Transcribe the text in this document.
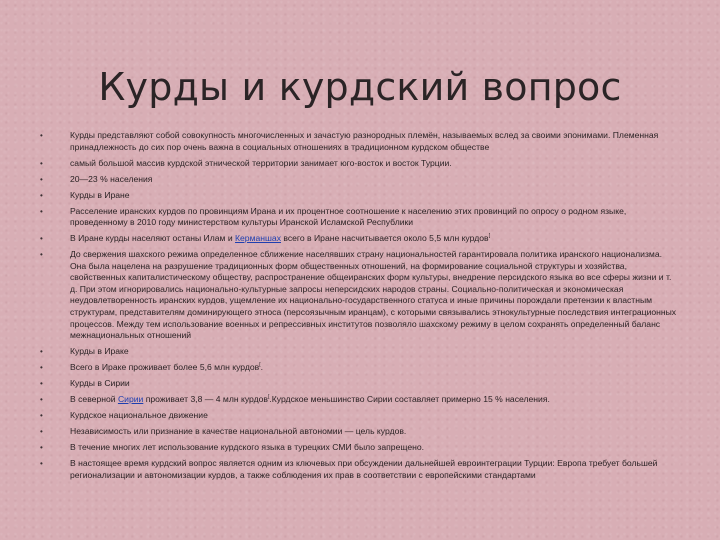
Курды и курдский вопрос
• Курды представляют собой совокупность многочисленных и зачастую разнородных племён, называемых вслед за своими эпонимами. Племенная принадлежность до сих пор очень важна в социальных отношениях в традиционном курдском обществе
• самый большой массив курдской этнической территории занимает юго-восток и восток Турции.
• 20—23 % населения
• Курды в Иране
• Расселение иранских курдов по провинциям Ирана и их процентное соотношение к населению этих провинций по опросу о родном языке, проведенному в 2010 году министерством культуры Иранской Исламской Республики
• В Иране курды населяют останы Илам и Керманшах всего в Иране насчитывается около 5,5 млн курдов[
• До свержения шахского режима определенное сближение населявших страну национальностей гарантировала политика иранского национализма. Она была нацелена на разрушение традиционных форм общественных отношений, на формирование социальной структуры и хозяйства, свойственных капиталистическому обществу, распространение общеиранских форм культуры, внедрение персидского языка во все сферы жизни и т. д. При этом игнорировались национально-культурные запросы неперсидских народов страны. Социально-политическая и экономическая неудовлетворенность иранских курдов, ущемление их национально-государственного статуса и иные причины порождали претензии к властным структурам, представителям доминирующего этноса (персоязычным иранцам), с которыми связывались этнокультурные последствия интеграционных процессов. Между тем использование военных и репрессивных институтов позволяло шахскому режиму в целом сохранять определенный баланс межнациональных отношений
• Курды в Ираке
• Всего в Ираке проживает более 5,6 млн курдов[.
• Курды в Сирии
• В северной Сирии проживает 3,8 — 4 млн курдов[.Курдское меньшинство Сирии составляет примерно 15 % населения.
• Курдское национальное движение
• Независимость или признание в качестве национальной автономии — цель курдов.
• В течение многих лет использование курдского языка в турецких СМИ было запрещено.
• В настоящее время курдский вопрос является одним из ключевых при обсуждении дальнейшей евроинтеграции Турции: Европа требует большей регионализации и автономизации курдов, а также соблюдения их прав в соответствии с европейскими стандартами
